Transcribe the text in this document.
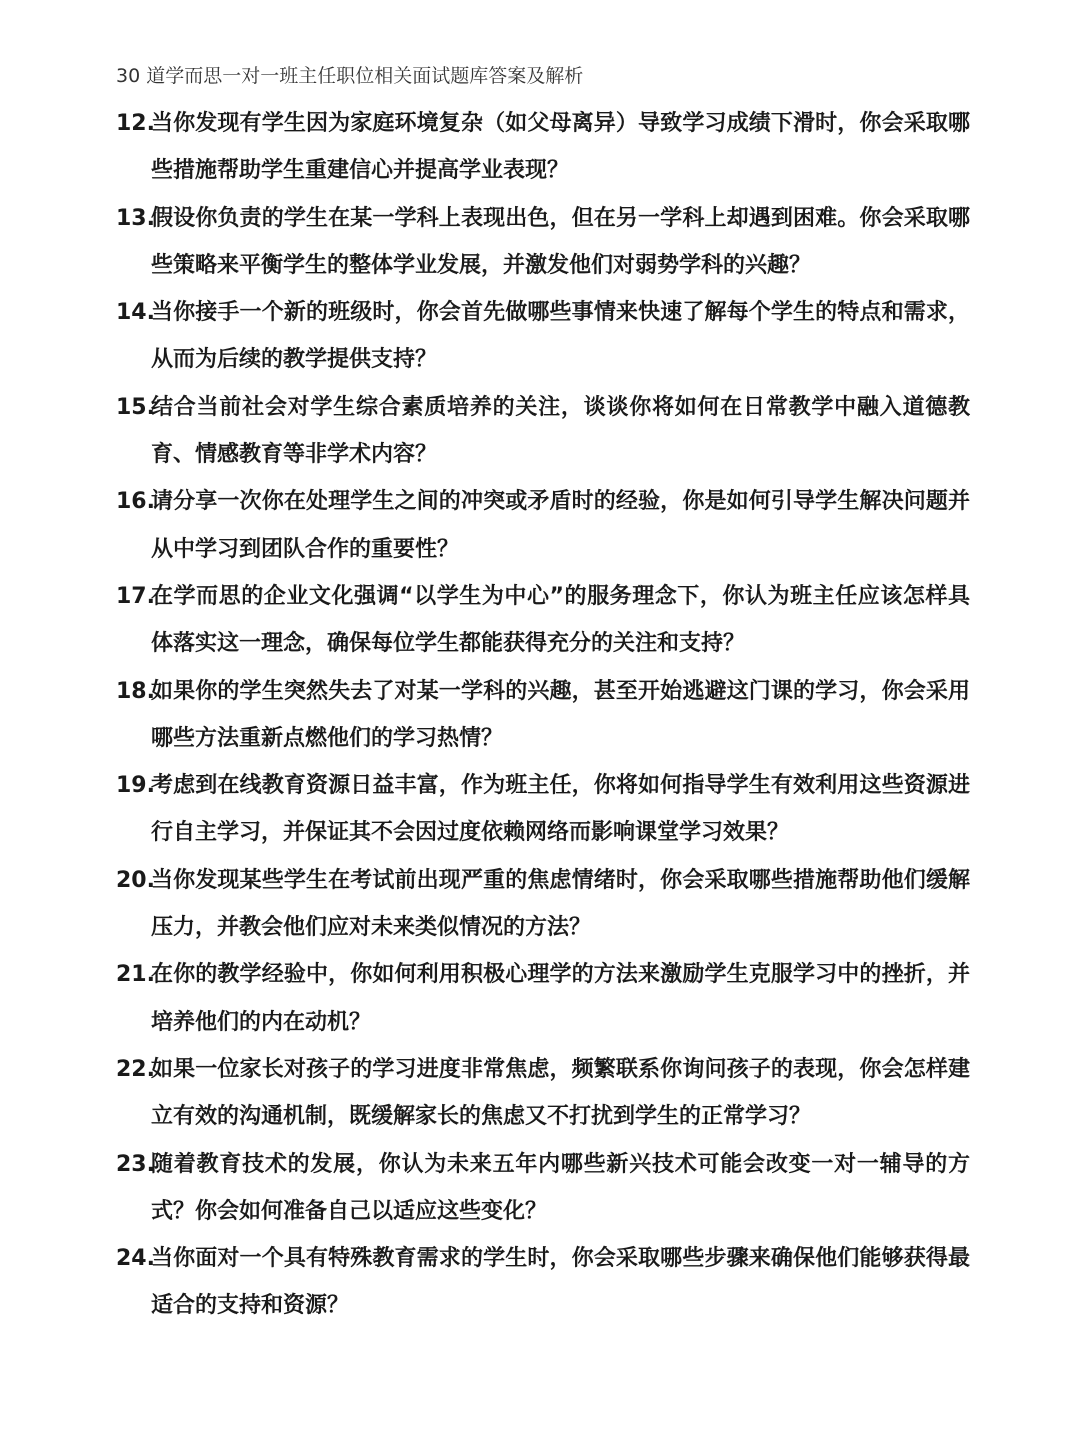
30 道学而思一对一班主任职位相关面试题库答案及解析
12.
当你发现有学生因为家庭环境复杂（如父母离异）导致学习成绩下滑时，你会采取哪些措施帮助学生重建信心并提高学业表现？
13.
假设你负责的学生在某一学科上表现出色，但在另一学科上却遇到困难。你会采取哪些策略来平衡学生的整体学业发展，并激发他们对弱势学科的兴趣？
14.
当你接手一个新的班级时，你会首先做哪些事情来快速了解每个学生的特点和需求，从而为后续的教学提供支持？
15.
结合当前社会对学生综合素质培养的关注，谈谈你将如何在日常教学中融入道德教育、情感教育等非学术内容？
16.
请分享一次你在处理学生之间的冲突或矛盾时的经验，你是如何引导学生解决问题并从中学习到团队合作的重要性？
17.
在学而思的企业文化强调“以学生为中心”的服务理念下，你认为班主任应该怎样具体落实这一理念，确保每位学生都能获得充分的关注和支持？
18.
如果你的学生突然失去了对某一学科的兴趣，甚至开始逃避这门课的学习，你会采用哪些方法重新点燃他们的学习热情？
19.
考虑到在线教育资源日益丰富，作为班主任，你将如何指导学生有效利用这些资源进行自主学习，并保证其不会因过度依赖网络而影响课堂学习效果？
20.
当你发现某些学生在考试前出现严重的焦虑情绪时，你会采取哪些措施帮助他们缓解压力，并教会他们应对未来类似情况的方法？
21.
在你的教学经验中，你如何利用积极心理学的方法来激励学生克服学习中的挫折，并培养他们的内在动机？
22.
如果一位家长对孩子的学习进度非常焦虑，频繁联系你询问孩子的表现，你会怎样建立有效的沟通机制，既缓解家长的焦虑又不打扰到学生的正常学习？
23.
随着教育技术的发展，你认为未来五年内哪些新兴技术可能会改变一对一辅导的方式？你会如何准备自己以适应这些变化？
24.
当你面对一个具有特殊教育需求的学生时，你会采取哪些步骤来确保他们能够获得最适合的支持和资源？
